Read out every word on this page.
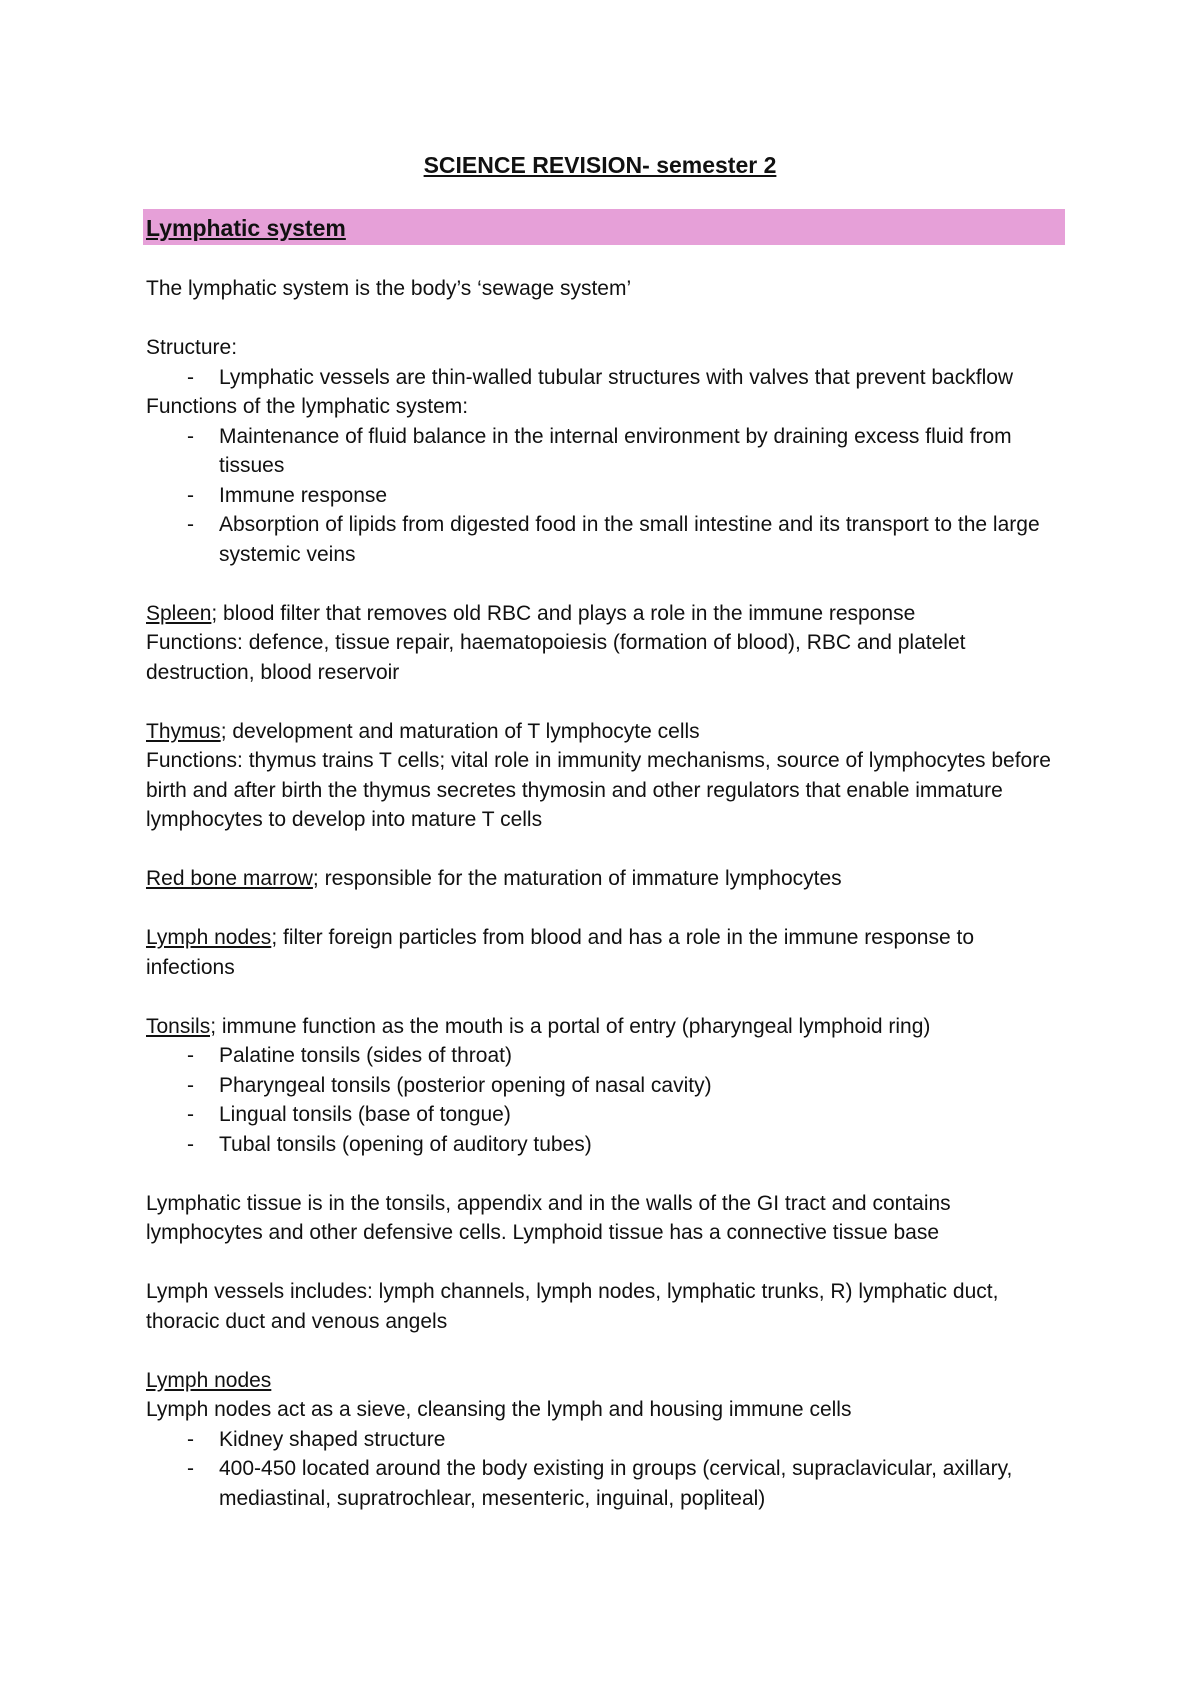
SCIENCE REVISION- semester 2
Lymphatic system
The lymphatic system is the body’s ‘sewage system’
Structure:
- Lymphatic vessels are thin-walled tubular structures with valves that prevent backflow
Functions of the lymphatic system:
- Maintenance of fluid balance in the internal environment by draining excess fluid from tissues
- Immune response
- Absorption of lipids from digested food in the small intestine and its transport to the large systemic veins
Spleen; blood filter that removes old RBC and plays a role in the immune response
Functions: defence, tissue repair, haematopoiesis (formation of blood), RBC and platelet destruction, blood reservoir
Thymus; development and maturation of T lymphocyte cells
Functions: thymus trains T cells; vital role in immunity mechanisms, source of lymphocytes before birth and after birth the thymus secretes thymosin and other regulators that enable immature lymphocytes to develop into mature T cells
Red bone marrow; responsible for the maturation of immature lymphocytes
Lymph nodes; filter foreign particles from blood and has a role in the immune response to infections
Tonsils; immune function as the mouth is a portal of entry (pharyngeal lymphoid ring)
- Palatine tonsils (sides of throat)
- Pharyngeal tonsils (posterior opening of nasal cavity)
- Lingual tonsils (base of tongue)
- Tubal tonsils (opening of auditory tubes)
Lymphatic tissue is in the tonsils, appendix and in the walls of the GI tract and contains lymphocytes and other defensive cells. Lymphoid tissue has a connective tissue base
Lymph vessels includes: lymph channels, lymph nodes, lymphatic trunks, R) lymphatic duct, thoracic duct and venous angels
Lymph nodes
Lymph nodes act as a sieve, cleansing the lymph and housing immune cells
- Kidney shaped structure
- 400-450 located around the body existing in groups (cervical, supraclavicular, axillary, mediastinal, supratrochlear, mesenteric, inguinal, popliteal)
